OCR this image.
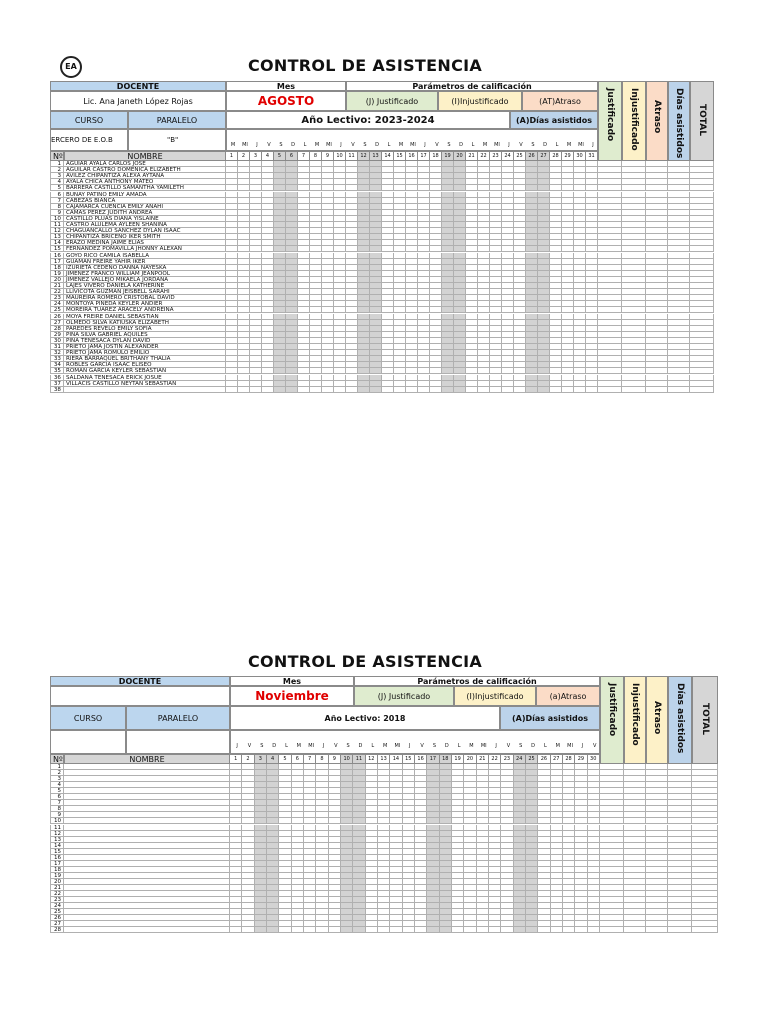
EA	CONTROL DE ASISTENCIA
DOCENTE	Mes	Parámetros de calificación
Lic. Ana Janeth López Rojas	AGOSTO	(J) Justificado	(I)Injustificado	(AT)Atraso
CURSO	PARALELO	Año Lectivo: 2023-2024	(A)Días asistidos
ERCERO DE E.O.B	"B"
M	MI	J	V	S	D	L	M	MI	J	V	S	D	L	M	MI	J	V	S	D	L	M	MI	J	V	S	D	L	M	MI	J
Nº	NOMBRE	1	2	3	4	5	6	7	8	9	10	11	12	13	14	15	16	17	18	19	20	21	22	23	24	25	26	27	28	29	30	31
Justificado Injustificado Atraso Días asistidos TOTAL
1 AGUIAR AYALA CARLOS JOSE
2 AGUILAR CASTRO DOMENICA ELIZABETH
3 AVILEZ CHIPANTIZA ALEXA AYTANA
4 AYALA CHICA ANTHONY MATEO
5 BARRERA CASTILLO SAMANTHA YAMILETH
6 BUÑAY PATIÑO EMILY AMADA
7 CABEZAS BIANCA
8 CAJAMARCA CUENCIA EMILY ANAHI
9 CAMAS PEREZ JUDITH ANDREA
10 CASTILLO PLUAS DIANA YISLAINE
11 CASTRO ALULEMA AYLEEN SHANINA
12 CHAGUANCALLO SANCHEZ DYLAN ISAAC
13 CHIPANTIZA BRICEÑO IKER SMITH
14 ERAZO MEDINA JAIME ELIAS
15 FERNANDEZ POMAVILLA JHONNY ALEXAN
16 GOYO RICO CAMILA ISABELLA
17 GUAMAN FREIRE YAHIR IKER
18 IZURIETA CEDEÑO DANNA NAYESKA
19 JIMENEZ FRANCO WILLIAM JEANPOOL
20 JIMENEZ VALLEJO MIKAELA JORDANA
21 LAJES VIVERO DANIELA KATHERINE
22 LLIVICOTA GUZMAN JEISBELL SARAHI
23 MAUREIRA ROMERO CRISTOBAL DAVID
24 MONTOYA PINEDA KEYLER ANDIER
25 MOREIRA TUAREZ ARACELY ANDREINA
26 MOYA FREIRE DANIEL SEBASTIAN
27 OLMEDO SILVA KATIUSKA ELIZABETH
28 PAREDES REVELO EMILY SOFIA
29 PIÑA SILVA GABRIEL AQUILES
30 PIÑA TENESACA DYLAN DAVID
31 PRIETO JAMA JOSTIN ALEXANDER
32 PRIETO JAMA ROMULO EMILIO
33 RIERA BARRAQUEL BRITHANY THALIA
34 ROBLES GARCIA ISAAC ELISEO
35 ROMAN GARCIA KEYLER SEBASTIAN
36 SALDAÑA TENESACA ERICK JOSUE
37 VILLACIS CASTILLO NEYTAN SEBASTIAN
38
CONTROL DE ASISTENCIA
DOCENTE	Mes	Parámetros de calificación
Noviembre	(J) Justificado	(I)Injustificado	(a)Atraso
CURSO	PARALELO	Año Lectivo: 2018	(A)Días asistidos
J	V	S	D	L	M	MI	J	V	S	D	L	M	MI	J	V	S	D	L	M	MI	J	V	S	D	L	M	MI	J	V
Nº	NOMBRE	1	2	3	4	5	6	7	8	9	10	11	12	13	14	15	16	17	18	19	20	21	22	23	24	25	26	27	28	29	30
Justificado Injustificado Atraso Días asistidos TOTAL
1
2
3
4
5
6
7
8
9
10
11
12
13
14
15
16
17
18
19
20
21
22
23
24
25
26
27
28
